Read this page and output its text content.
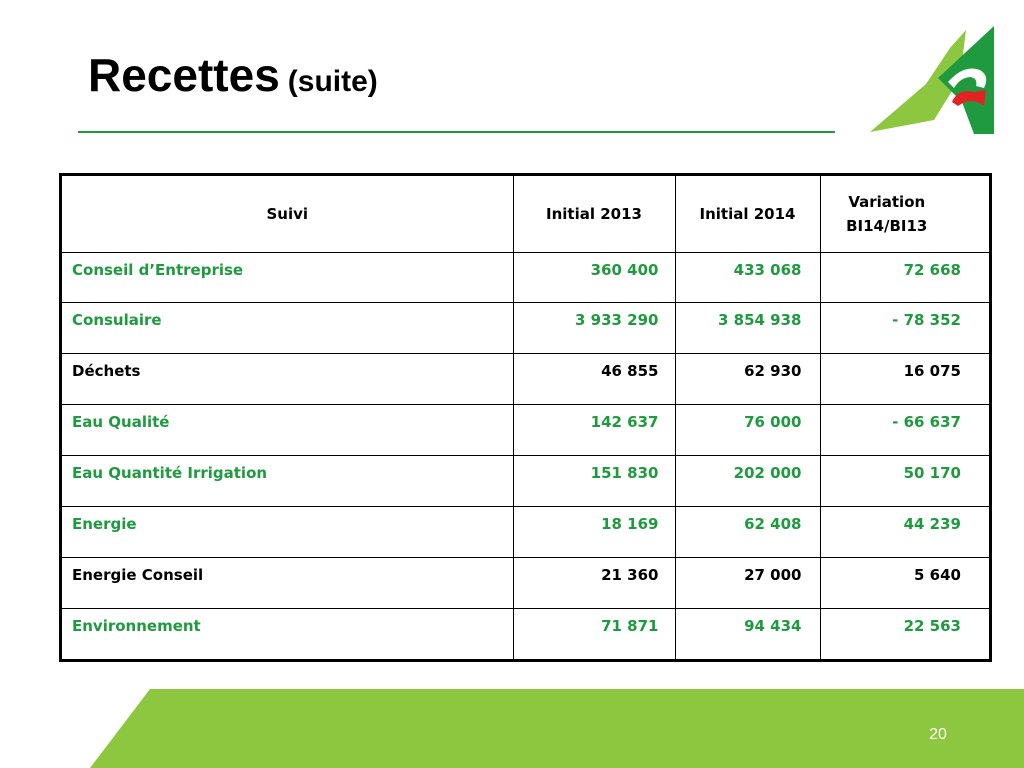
Recettes (suite)
Suivi	Initial 2013	Initial 2014	Variation BI14/BI13
Conseil d’Entreprise	360 400	433 068	72 668
Consulaire	3 933 290	3 854 938	- 78 352
Déchets	46 855	62 930	16 075
Eau Qualité	142 637	76 000	- 66 637
Eau Quantité Irrigation	151 830	202 000	50 170
Energie	18 169	62 408	44 239
Energie Conseil	21 360	27 000	5 640
Environnement	71 871	94 434	22 563
20
